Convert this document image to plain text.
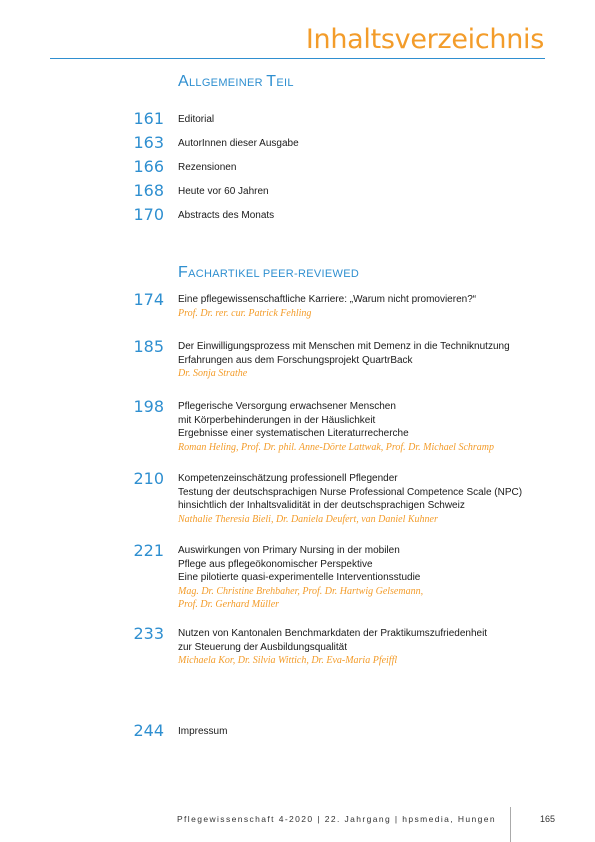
Inhaltsverzeichnis
ALLGEMEINER TEIL
161 Editorial
163 AutorInnen dieser Ausgabe
166 Rezensionen
168 Heute vor 60 Jahren
170 Abstracts des Monats
FACHARTIKEL PEER-REVIEWED
174 Eine pflegewissenschaftliche Karriere: „Warum nicht promovieren?“
Prof. Dr. rer. cur. Patrick Fehling
185 Der Einwilligungsprozess mit Menschen mit Demenz in die Techniknutzung
Erfahrungen aus dem Forschungsprojekt QuartrBack
Dr. Sonja Strathe
198 Pflegerische Versorgung erwachsener Menschen
mit Körperbehinderungen in der Häuslichkeit
Ergebnisse einer systematischen Literaturrecherche
Roman Heling, Prof. Dr. phil. Anne-Dörte Lattwak, Prof. Dr. Michael Schramp
210 Kompetenzeinschätzung professionell Pflegender
Testung der deutschsprachigen Nurse Professional Competence Scale (NPC)
hinsichtlich der Inhaltsvalidität in der deutschsprachigen Schweiz
Nathalie Theresia Bieli, Dr. Daniela Deufert, van Daniel Kuhner
221 Auswirkungen von Primary Nursing in der mobilen
Pflege aus pflegeökonomischer Perspektive
Eine pilotierte quasi-experimentelle Interventionsstudie
Mag. Dr. Christine Brehbaher, Prof. Dr. Hartwig Gelsemann,
Prof. Dr. Gerhard Müller
233 Nutzen von Kantonalen Benchmarkdaten der Praktikumszufriedenheit
zur Steuerung der Ausbildungsqualität
Michaela Kor, Dr. Silvia Wittich, Dr. Eva-Maria Pfeiffl
244 Impressum
Pflegewissenschaft 4-2020 | 22. Jahrgang | hpsmedia, Hungen	165
